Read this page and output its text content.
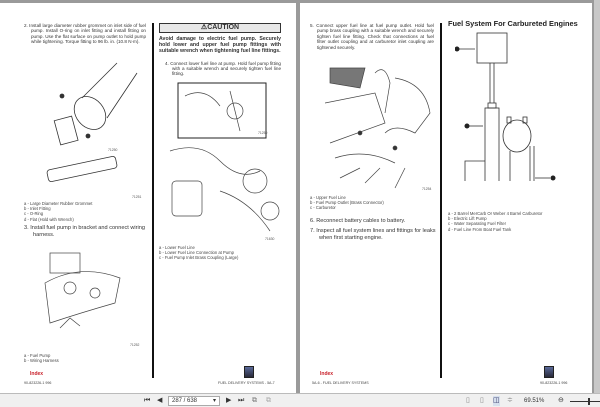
2. Install large diameter rubber grommet on inlet side of fuel pump. Install O-ring on inlet fitting and install fitting on pump. Use the flat surface on pump outlet to hold pump while tightening. Torque fitting to 96 lb. in. (10.8 N·m).

71250
71251
a - Large Diameter Rubber Grommet
b - Inlet Fitting
c - O-Ring
d - Flat (Hold with Wrench)

3. Install fuel pump in bracket and connect wiring harness.

71252
a - Fuel Pump
b - Wiring Harness
Index
90-823226-1 996
⚠CAUTION

Avoid damage to electric fuel pump. Securely hold lower and upper fuel pump fittings with suitable wrench when tightening fuel line fittings.

4. Connect lower fuel line at pump. Hold fuel pump fitting with a suitable wrench and securely tighten fuel line fitting.

71259
71630
a - Lower Fuel Line
b - Lower Fuel Line Connection at Pump
c - Fuel Pump Inlet Brass Coupling (Large)
FUEL DELIVERY SYSTEMS - 5A-7

5. Connect upper fuel line at fuel pump outlet. Hold fuel pump brass coupling with a suitable wrench and securely tighten fuel line fitting. Check that connections at fuel filter outlet coupling and at carburetor inlet coupling are tightened securely.

71254
a - Upper Fuel Line
b - Fuel Pump Outlet (Brass Connector)
c - Carburetor

6. Reconnect battery cables to battery.

7. Inspect all fuel system lines and fittings for leaks when first starting engine.

Index
5A-6 - FUEL DELIVERY SYSTEMS
Fuel System For Carbureted Engines
a - 2 Barrel MerCarb Or Weber 4 Barrel Carburetor
b - Electric Lift Pump
c - Water Separating Fuel Filter
d - Fuel Line From Boat Fuel Tank
90-823226-1 996
⏮ ◀	287 / 638	▾ ▶ ⏭ ⧉ ⧉	▯ ▯ ◫ ≑ 69.51% ⊖
